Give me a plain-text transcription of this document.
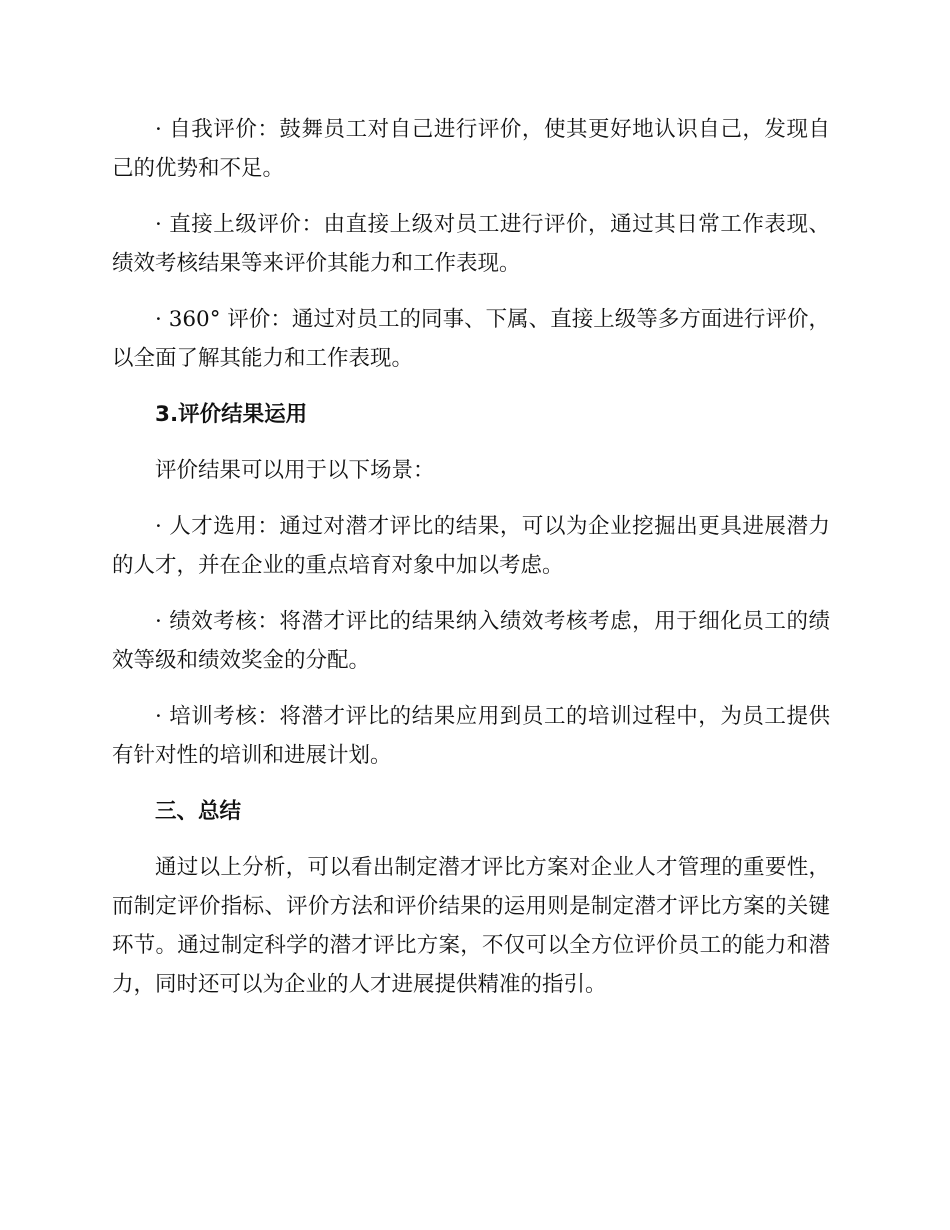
· 自我评价：鼓舞员工对自己进行评价，使其更好地认识自己，发现自己的优势和不足。

· 直接上级评价：由直接上级对员工进行评价，通过其日常工作表现、绩效考核结果等来评价其能力和工作表现。

· 360° 评价：通过对员工的同事、下属、直接上级等多方面进行评价，以全面了解其能力和工作表现。

3.评价结果运用

评价结果可以用于以下场景：

· 人才选用：通过对潜才评比的结果，可以为企业挖掘出更具进展潜力的人才，并在企业的重点培育对象中加以考虑。

· 绩效考核：将潜才评比的结果纳入绩效考核考虑，用于细化员工的绩效等级和绩效奖金的分配。

· 培训考核：将潜才评比的结果应用到员工的培训过程中，为员工提供有针对性的培训和进展计划。

三、总结

通过以上分析，可以看出制定潜才评比方案对企业人才管理的重要性，而制定评价指标、评价方法和评价结果的运用则是制定潜才评比方案的关键环节。通过制定科学的潜才评比方案，不仅可以全方位评价员工的能力和潜力，同时还可以为企业的人才进展提供精准的指引。
